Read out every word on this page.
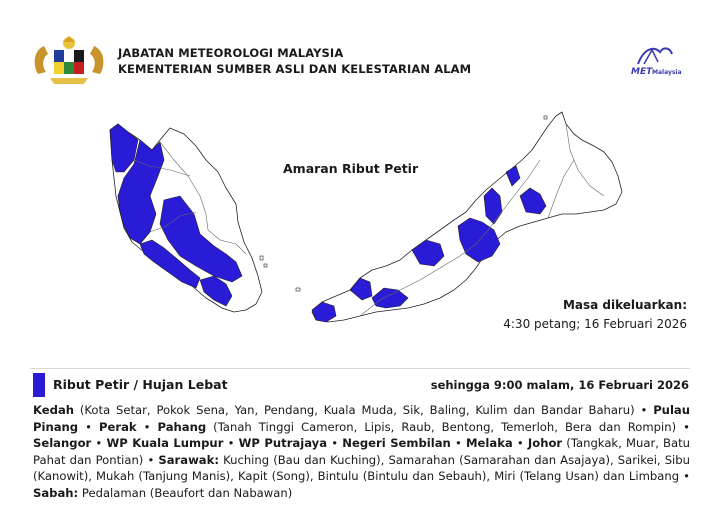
JABATAN METEOROLOGI MALAYSIA
KEMENTERIAN SUMBER ASLI DAN KELESTARIAN ALAM	MET Malaysia
Amaran Ribut Petir
Masa dikeluarkan:
4:30 petang; 16 Februari 2026
Ribut Petir / Hujan Lebat	sehingga 9:00 malam, 16 Februari 2026
Kedah (Kota Setar, Pokok Sena, Yan, Pendang, Kuala Muda, Sik, Baling, Kulim dan Bandar Baharu) • Pulau Pinang • Perak • Pahang (Tanah Tinggi Cameron, Lipis, Raub, Bentong, Temerloh, Bera dan Rompin) • Selangor • WP Kuala Lumpur • WP Putrajaya • Negeri Sembilan • Melaka • Johor (Tangkak, Muar, Batu Pahat dan Pontian) • Sarawak: Kuching (Bau dan Kuching), Samarahan (Samarahan dan Asajaya), Sarikei, Sibu (Kanowit), Mukah (Tanjung Manis), Kapit (Song), Bintulu (Bintulu dan Sebauh), Miri (Telang Usan) dan Limbang • Sabah: Pedalaman (Beaufort dan Nabawan)
